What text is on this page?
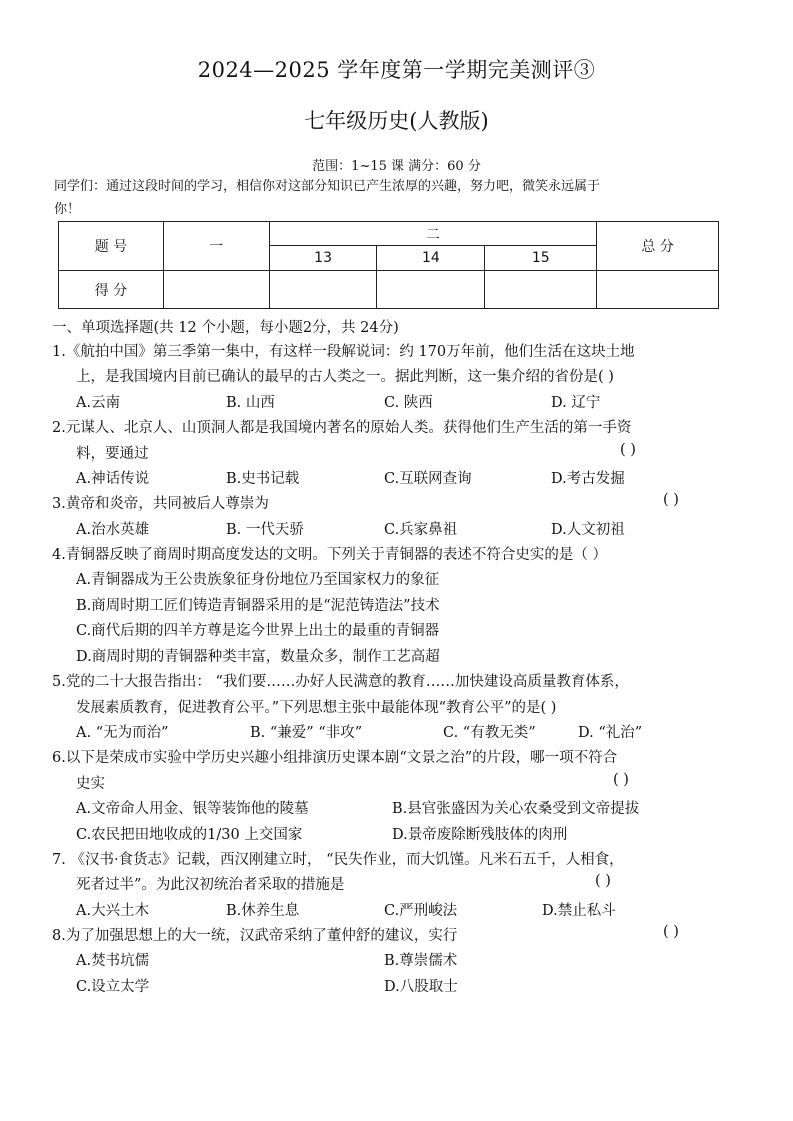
2024—2025 学年度第一学期完美测评③
七年级历史(人教版)
范围：1~15 课 满分：60 分
同学们：通过这段时间的学习，相信你对这部分知识已产生浓厚的兴趣，努力吧，微笑永远属于
你！
题 号	一	二			总 分
		13	14	15	
得 分					
一、单项选择题(共 12 个小题，每小题2分，共 24分)
1.《航拍中国》第三季第一集中，有这样一段解说词：约 170万年前，他们生活在这块土地
上，是我国境内目前已确认的最早的古人类之一。据此判断，这一集介绍的省份是( )
A.云南	B. 山西	C. 陕西	D. 辽宁
2.元谋人、北京人、山顶洞人都是我国境内著名的原始人类。获得他们生产生活的第一手资
料，要通过	( )
A.神话传说	B.史书记载	C.互联网查询	D.考古发掘
3.黄帝和炎帝，共同被后人尊崇为	( )
A.治水英雄	B. 一代天骄	C.兵家鼻祖	D.人文初祖
4.青铜器反映了商周时期高度发达的文明。下列关于青铜器的表述不符合史实的是（ ）
A.青铜器成为王公贵族象征身份地位乃至国家权力的象征
B.商周时期工匠们铸造青铜器采用的是“泥范铸造法”技术
C.商代后期的四羊方尊是迄今世界上出土的最重的青铜器
D.商周时期的青铜器种类丰富，数量众多，制作工艺高超
5.党的二十大报告指出： “我们要……办好人民满意的教育……加快建设高质量教育体系，
发展素质教育，促进教育公平。”下列思想主张中最能体现“教育公平”的是( )
A. “无为而治”	B. “兼爱” “非攻”	C. “有教无类”	D. “礼治”
6.以下是荣成市实验中学历史兴趣小组排演历史课本剧“文景之治”的片段，哪一项不符合
史实	( )
A.文帝命人用金、银等装饰他的陵墓	B.县官张盛因为关心农桑受到文帝提拔
C.农民把田地收成的1/30 上交国家	D.景帝废除断残肢体的肉刑
7. 《汉书·食货志》记载，西汉刚建立时， “民失作业，而大饥馑。凡米石五千，人相食，
死者过半”。为此汉初统治者采取的措施是	( )
A.大兴土木	B.休养生息	C.严刑峻法	D.禁止私斗
8.为了加强思想上的大一统，汉武帝采纳了董仲舒的建议，实行	( )
A.焚书坑儒	B.尊崇儒术
C.设立太学	D.八股取士
